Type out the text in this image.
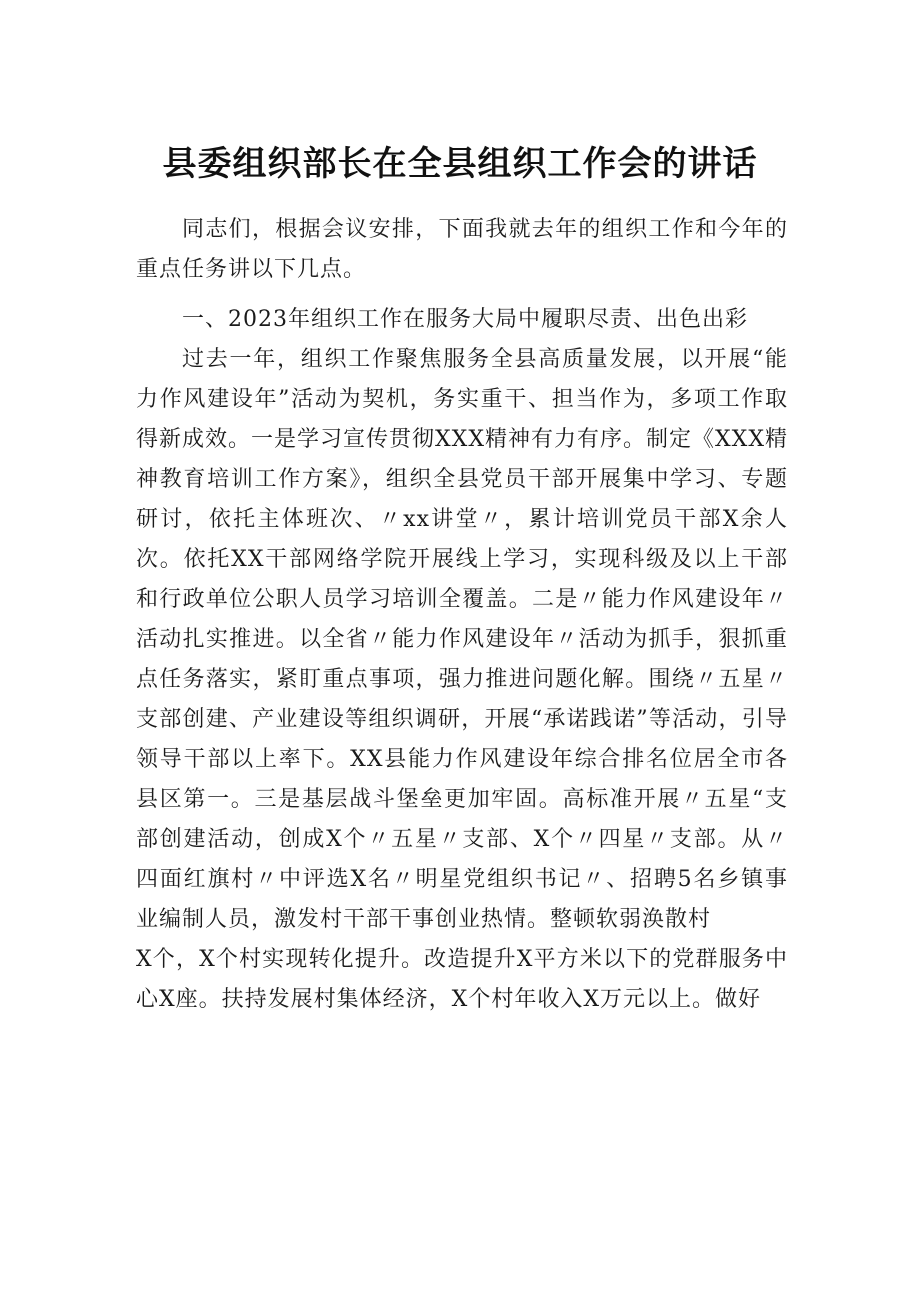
县委组织部长在全县组织工作会的讲话

同志们，根据会议安排，下面我就去年的组织工作和今年的重点任务讲以下几点。

一、2023年组织工作在服务大局中履职尽责、出色出彩

过去一年，组织工作聚焦服务全县高质量发展，以开展“能力作风建设年”活动为契机，务实重干、担当作为，多项工作取得新成效。一是学习宣传贯彻XXX精神有力有序。制定《XXX精神教育培训工作方案》，组织全县党员干部开展集中学习、专题研讨，依托主体班次、〃xx讲堂〃，累计培训党员干部X余人次。依托XX干部网络学院开展线上学习，实现科级及以上干部和行政单位公职人员学习培训全覆盖。二是〃能力作风建设年〃活动扎实推进。以全省〃能力作风建设年〃活动为抓手，狠抓重点任务落实，紧盯重点事项，强力推进问题化解。围绕〃五星〃支部创建、产业建设等组织调研，开展“承诺践诺”等活动，引导领导干部以上率下。XX县能力作风建设年综合排名位居全市各县区第一。三是基层战斗堡垒更加牢固。高标准开展〃五星“支部创建活动，创成X个〃五星〃支部、X个〃四星〃支部。从〃四面红旗村〃中评选X名〃明星党组织书记〃、招聘5名乡镇事业编制人员，激发村干部干事创业热情。整顿软弱涣散村

X个，X个村实现转化提升。改造提升X平方米以下的党群服务中心X座。扶持发展村集体经济，X个村年收入X万元以上。做好
